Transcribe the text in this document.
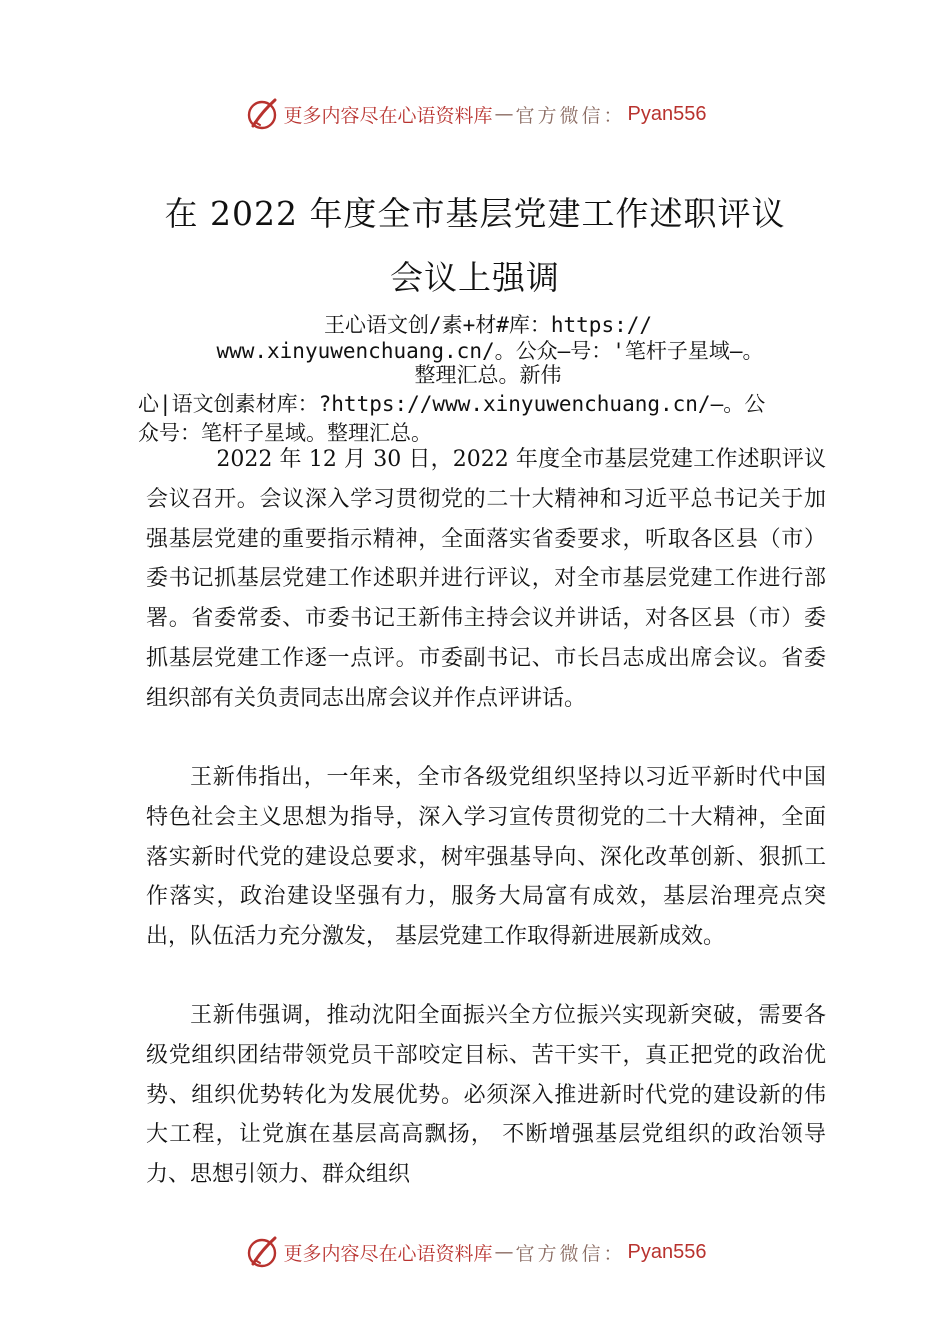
更多内容尽在心语资料库 — 官方微信： Pyan556
在 2022 年度全市基层党建工作述职评议
会议上强调
王心语文创/素+材#库：https://
www.xinyuwenchuang.cn/。公众—号：'笔杆子星域—。
整理汇总。新伟
心|语文创素材库：?https://www.xinyuwenchuang.cn/—。公
众号：笔杆子星域。整理汇总。

2022 年 12 月 30 日，2022 年度全市基层党建工作述职评议会议召开。会议深入学习贯彻党的二十大精神和习近平总书记关于加强基层党建的重要指示精神，全面落实省委要求，听取各区县（市）委书记抓基层党建工作述职并进行评议，对全市基层党建工作进行部署。省委常委、市委书记王新伟主持会议并讲话，对各区县（市）委抓基层党建工作逐一点评。市委副书记、市长吕志成出席会议。省委组织部有关负责同志出席会议并作点评讲话。

王新伟指出，一年来，全市各级党组织坚持以习近平新时代中国特色社会主义思想为指导，深入学习宣传贯彻党的二十大精神，全面落实新时代党的建设总要求，树牢强基导向、深化改革创新、狠抓工作落实，政治建设坚强有力，服务大局富有成效，基层治理亮点突出，队伍活力充分激发， 基层党建工作取得新进展新成效。

王新伟强调，推动沈阳全面振兴全方位振兴实现新突破，需要各级党组织团结带领党员干部咬定目标、苦干实干，真正把党的政治优势、组织优势转化为发展优势。必须深入推进新时代党的建设新的伟大工程，让党旗在基层高高飘扬， 不断增强基层党组织的政治领导力、思想引领力、群众组织

更多内容尽在心语资料库 — 官方微信： Pyan556
